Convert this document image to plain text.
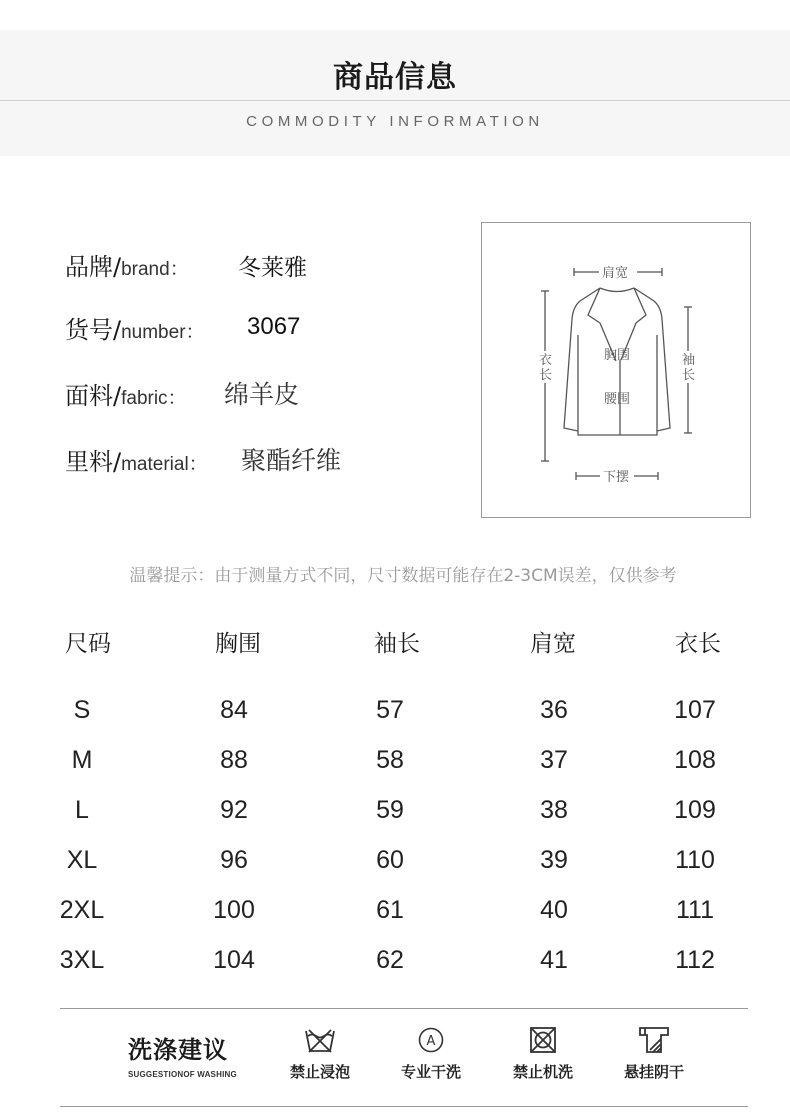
商品信息
COMMODITY INFORMATION
品牌/brand： 冬莱雅
货号/number： 3067
面料/fabric： 绵羊皮
里料/material： 聚酯纤维
肩宽
胸围
腰围
下摆
衣
长
袖
长
温馨提示：由于测量方式不同，尺寸数据可能存在2-3CM误差，仅供参考
尺码	胸围	袖长	肩宽	衣长
S	84	57	36	107
M	88	58	37	108
L	92	59	38	109
XL	96	60	39	110
2XL	100	61	40	111
3XL	104	62	41	112
洗涤建议
SUGGESTIONOF WASHING	禁止浸泡
A
专业干洗	禁止机洗	悬挂阴干
